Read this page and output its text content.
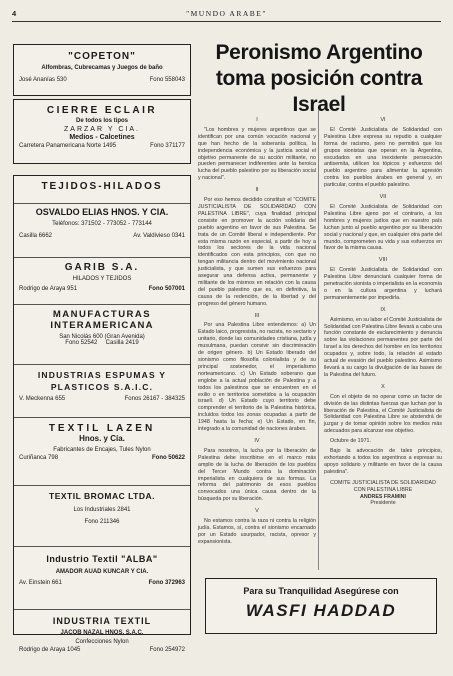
4	"MUNDO ARABE"
"COPETON"
Alfombras, Cubrecamas y Juegos de baño
José Ananías 530	Fono 558043
CIERRE ECLAIR
De todos los tipos
ZARZAR Y CIA.
Medios - Calcetines
Carretera Panamericana Norte 1495	Fono 371177
TEJIDOS-HILADOS
OSVALDO ELIAS HNOS. Y CIA.
Teléfonos: 371502 - 773052 - 773144
Casilla 6662	Av. Valdivieso 0341
GARIB S.A.
HILADOS Y TEJIDOS
Rodrigo de Araya 951	Fono 507001
MANUFACTURAS
INTERAMERICANA
San Nicolás 600 (Gran Avenida)
Fono 52542 Casilla 2419
INDUSTRIAS ESPUMAS Y
PLASTICOS S.A.I.C.
V. Meckenna 655	Fonos 26167 - 384325
TEXTIL LAZEN
Hnos. y Cía.
Fabricantes de Encajes, Tules Nylon
Curiñanca 798	Fono 50622
TEXTIL BROMAC LTDA.
Los Industriales 2841
Fono 211346
Industrio Textil "ALBA"
AMADOR AUAD KUNCAR Y CIA.
Av. Einstein 661	Fono 372963
INDUSTRIA TEXTIL
JACOB NAZAL HNOS. S.A.C.
Confecciones Nylon
Rodrigo de Araya 1045	Fono 254972
Peronismo Argentino toma posición contra Israel
I

"Los hombres y mujeres argentinos que se identifican por una común vocación nacional y que han hecho de la soberanía política, la independencia económica y la justicia social el objetivo permanente de su acción militante, no pueden permanecer indiferentes ante la heroica lucha del pueblo palestino por su liberación social y nacional".

II

Por eso hemos decidido constituir el "COMITE JUSTICIALISTA DE SOLIDARIDAD CON PALESTINA LIBRE", cuya finalidad principal consiste en promover la acción solidaria del pueblo argentino en favor de sus Palestina. Se trata de un Comité liberal e independiente. Por esta misma razón en especial, a partir de hoy a todos los sectores de la vida nacional identificados con esta principios, con que no tengan militancia dentro del movimiento nacional justicialista, y que sumen sus esfuerzos para asegurar una defensa activa, permanente y militante de los mismos en relación con la causa del pueblo palestino que es, en definitiva, la causa de la redención, de la libertad y del progreso del género humano.

III

Por una Palestina Libre entendemos: a) Un Estado laico, progresista, no racista, no sectario y unitario, donde las comunidades cristiana, judía y musulmana, puedan convivir sin discriminación de origen género. b) Un Estado liberado del sionismo como filosofía colonialista y de su principal sostenedor, el imperialismo norteamericano. c) Un Estado soberano que englobe a la actual población de Palestina y a todos los palestinos que se encuentren en el exilio o en territorios sometidos a la ocupación israelí. d) Un Estado cuyo territorio debe comprender el territorio de la Palestina histórica, incluidos todos los zonas ocupadas a partir de 1948 hasta la fecha; e) Un Estado, en fin, integrado a la comunidad de naciones árabes.

IV

Para nosotros, la lucha por la liberación de Palestina debe inscribirse en el marco más amplio de la lucha de liberación de los pueblos del Tercer Mundo contra la dominación imperialista en cualquiera de sus formas. La reforma del patrimonio de esos pueblos convocados una única causa dentro de la búsqueda por su liberación.

V

No estamos contra la raza ni contra la religión judía. Estamos, sí, contra el sionismo encarnado por un Estado usurpador, racista, opresor y expansionista.

VI

El Comité Justicialista de Solidaridad con Palestina Libre expresa su repudio a cualquier forma de racismo, pero no permitirá que los grupos sionistas que operan en la Argentina, escudados en una inexistente persecución antisemita, utilicen los tópicos y esfuerzos del pueblo argentino para alimentar la agresión contra los pueblos árabes en general y, en particular, contra el pueblo palestino.

VII

El Comité Justicialista de Solidaridad con Palestina Libre ajeno por el contrario, a los hombres y mujeres judíos que en nuestro país luchan junto al pueblo argentino por su liberación social y nacional y que, en cualquier otra parte del mundo, comprometen su vida y sus esfuerzos en favor de la misma causa.

VIII

El Comité Justicialista de Solidaridad con Palestina Libre denunciará cualquier forma de penetración sionista o imperialista en la economía o en la cultura argentina y luchará permanentemente por impedirla.

IX

Asimismo, en su labor el Comité Justicialista de Solidaridad con Palestina Libre llevará a cabo una función constante de esclarecimiento y denuncia sobre las violaciones permanentes por parte del Israel a los derechos del hombre en los territorios ocupados y, sobre todo, la relación al estado actual de evasión del pueblo palestino. Asimismo llevará a su cargo la divulgación de las bases de la Palestina del futuro.

X

Con el objeto de no operar como un factor de división de las distintas fuerzas que luchan por la liberación de Palestina, el Comité Justicialista de Solidaridad con Palestina Libre se abstendrá de juzgar y de tomar opinión sobre los medios más adecuados para alcanzar ese objetivo.

Octubre de 1971.

Bajo la advocación de tales principios, exhortando a todos los argentinos a expresar su apoyo solidario y militante en favor de la causa palestina".

COMITE JUSTICIALISTA DE SOLIDARIDAD
CON PALESTINA LIBRE
ANDRES FRAMINI
Presidente
Para su Tranquilidad Asegúrese con
WASFI HADDAD
